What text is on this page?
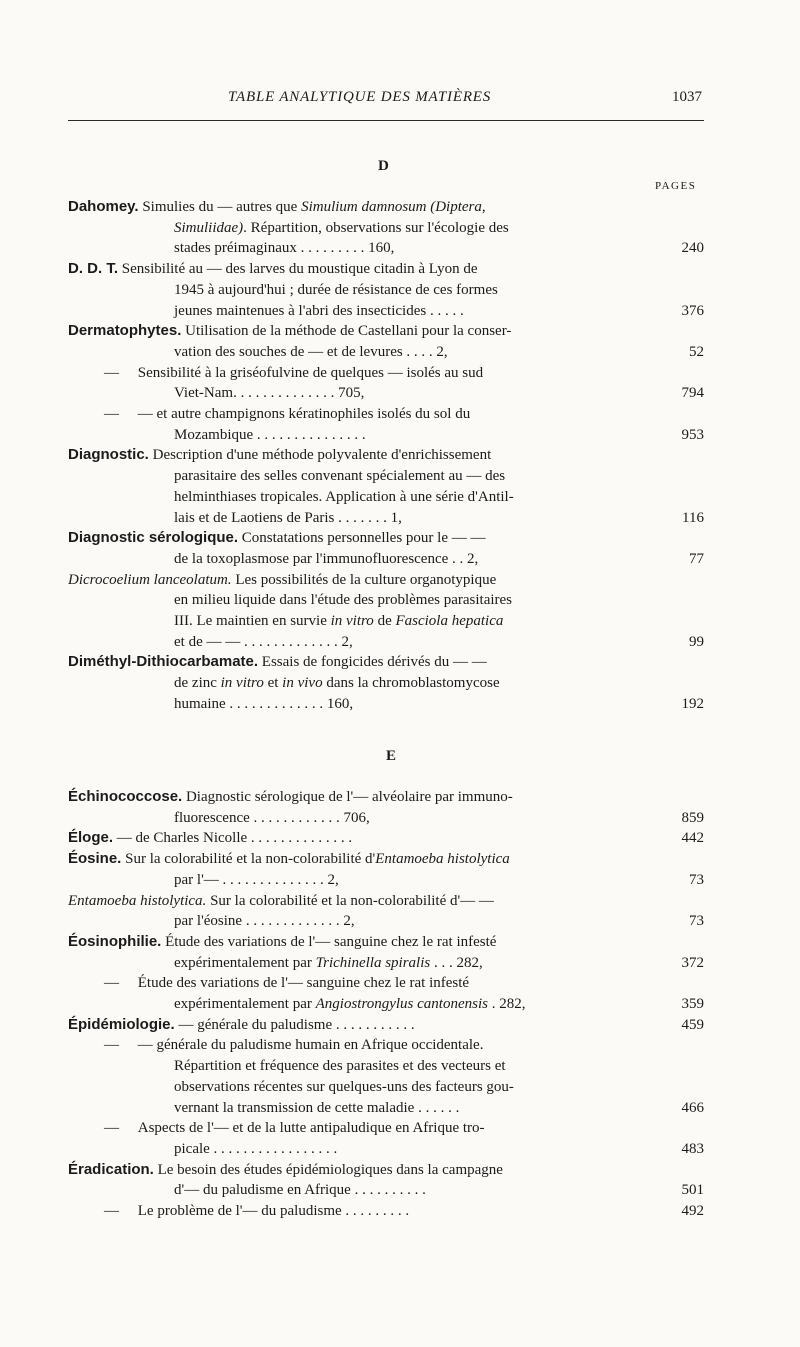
TABLE ANALYTIQUE DES MATIÈRES	1037
D
PAGES
Dahomey. Simulies du — autres que Simulium damnosum (Diptera,
Simuliidae). Répartition, observations sur l'écologie des
stades préimaginaux . . . . . . . . . 160,	240
D. D. T. Sensibilité au — des larves du moustique citadin à Lyon de
1945 à aujourd'hui ; durée de résistance de ces formes
jeunes maintenues à l'abri des insecticides . . . . .	376
Dermatophytes. Utilisation de la méthode de Castellani pour la conser-
vation des souches de — et de levures . . . . 2,	52
— Sensibilité à la griséofulvine de quelques — isolés au sud
Viet-Nam. . . . . . . . . . . . . . 705,	794
— — et autre champignons kératinophiles isolés du sol du
Mozambique . . . . . . . . . . . . . . .	953
Diagnostic. Description d'une méthode polyvalente d'enrichissement
parasitaire des selles convenant spécialement au — des
helminthiases tropicales. Application à une série d'Antil-
lais et de Laotiens de Paris . . . . . . . 1,	116
Diagnostic sérologique. Constatations personnelles pour le — —
de la toxoplasmose par l'immunofluorescence . . 2,	77
Dicrocoelium lanceolatum. Les possibilités de la culture organotypique
en milieu liquide dans l'étude des problèmes parasitaires
III. Le maintien en survie in vitro de Fasciola hepatica
et de — — . . . . . . . . . . . . . 2,	99
Diméthyl-Dithiocarbamate. Essais de fongicides dérivés du — —
de zinc in vitro et in vivo dans la chromoblastomycose
humaine . . . . . . . . . . . . . 160,	192
E
Échinococcose. Diagnostic sérologique de l'— alvéolaire par immuno-
fluorescence . . . . . . . . . . . . 706,	859
Éloge. — de Charles Nicolle . . . . . . . . . . . . . .	442
Éosine. Sur la colorabilité et la non-colorabilité d'Entamoeba histolytica
par l'— . . . . . . . . . . . . . . 2,	73
Entamoeba histolytica. Sur la colorabilité et la non-colorabilité d'— —
par l'éosine . . . . . . . . . . . . . 2,	73
Éosinophilie. Étude des variations de l'— sanguine chez le rat infesté
expérimentalement par Trichinella spiralis . . . 282,	372
— Étude des variations de l'— sanguine chez le rat infesté
expérimentalement par Angiostrongylus cantonensis . 282,	359
Épidémiologie. — générale du paludisme . . . . . . . . . . .	459
— — générale du paludisme humain en Afrique occidentale.
Répartition et fréquence des parasites et des vecteurs et
observations récentes sur quelques-uns des facteurs gou-
vernant la transmission de cette maladie . . . . . .	466
— Aspects de l'— et de la lutte antipaludique en Afrique tro-
picale . . . . . . . . . . . . . . . . .	483
Éradication. Le besoin des études épidémiologiques dans la campagne
d'— du paludisme en Afrique . . . . . . . . . .	501
— Le problème de l'— du paludisme . . . . . . . . .	492
